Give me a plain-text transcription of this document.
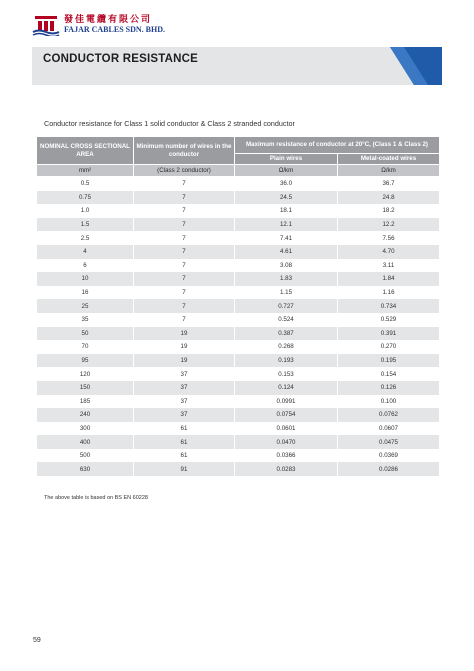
發佳電纜有限公司
FAJAR CABLES SDN. BHD.
CONDUCTOR RESISTANCE
Conductor resistance for Class 1 solid conductor & Class 2 stranded conductor
NOMINAL CROSS SECTIONAL AREA	Minimum number of wires in the conductor	Maximum resistance of conductor at 20°C, (Class 1 & Class 2)	
		Plain wires	Metal-coated wires
mm²	(Class 2 conductor)	Ω/km	Ω/km
0.5	7	36.0	36.7
0.75	7	24.5	24.8
1.0	7	18.1	18.2
1.5	7	12.1	12.2
2.5	7	7.41	7.56
4	7	4.61	4.70
6	7	3.08	3.11
10	7	1.83	1.84
16	7	1.15	1.16
25	7	0.727	0.734
35	7	0.524	0.529
50	19	0.387	0.391
70	19	0.268	0.270
95	19	0.193	0.195
120	37	0.153	0.154
150	37	0.124	0.126
185	37	0.0991	0.100
240	37	0.0754	0.0762
300	61	0.0601	0.0607
400	61	0.0470	0.0475
500	61	0.0366	0.0369
630	91	0.0283	0.0286
The above table is based on BS EN 60228
59
